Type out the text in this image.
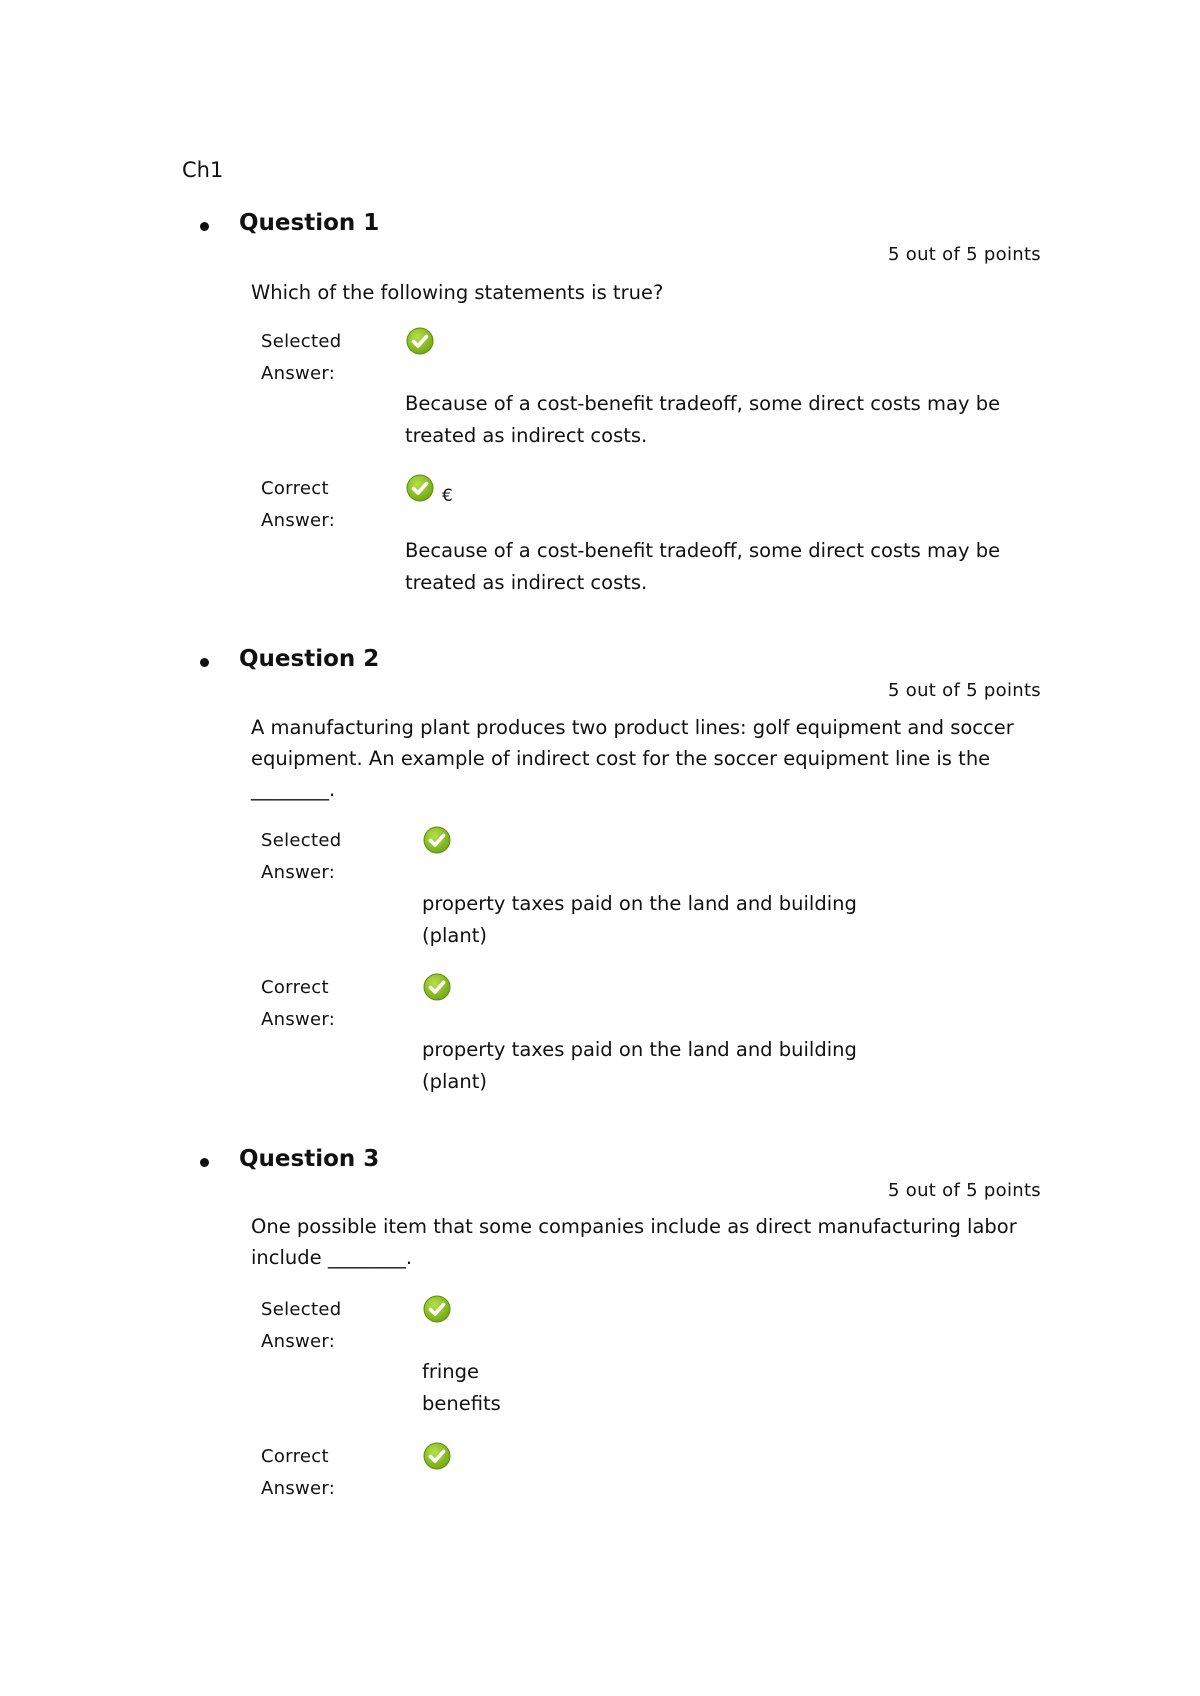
Ch1
Question 1
5 out of 5 points
Which of the following statements is true?
Selected
Answer:
Because of a cost-benefit tradeoff, some direct costs may be
treated as indirect costs.
Correct
Answer:
€
Because of a cost-benefit tradeoff, some direct costs may be
treated as indirect costs.
Question 2
5 out of 5 points
A manufacturing plant produces two product lines: golf equipment and soccer
equipment. An example of indirect cost for the soccer equipment line is the
________.
Selected
Answer:
property taxes paid on the land and building
(plant)
Correct
Answer:
property taxes paid on the land and building
(plant)
Question 3
5 out of 5 points
One possible item that some companies include as direct manufacturing labor
include ________.
Selected
Answer:
fringe
benefits
Correct
Answer:
